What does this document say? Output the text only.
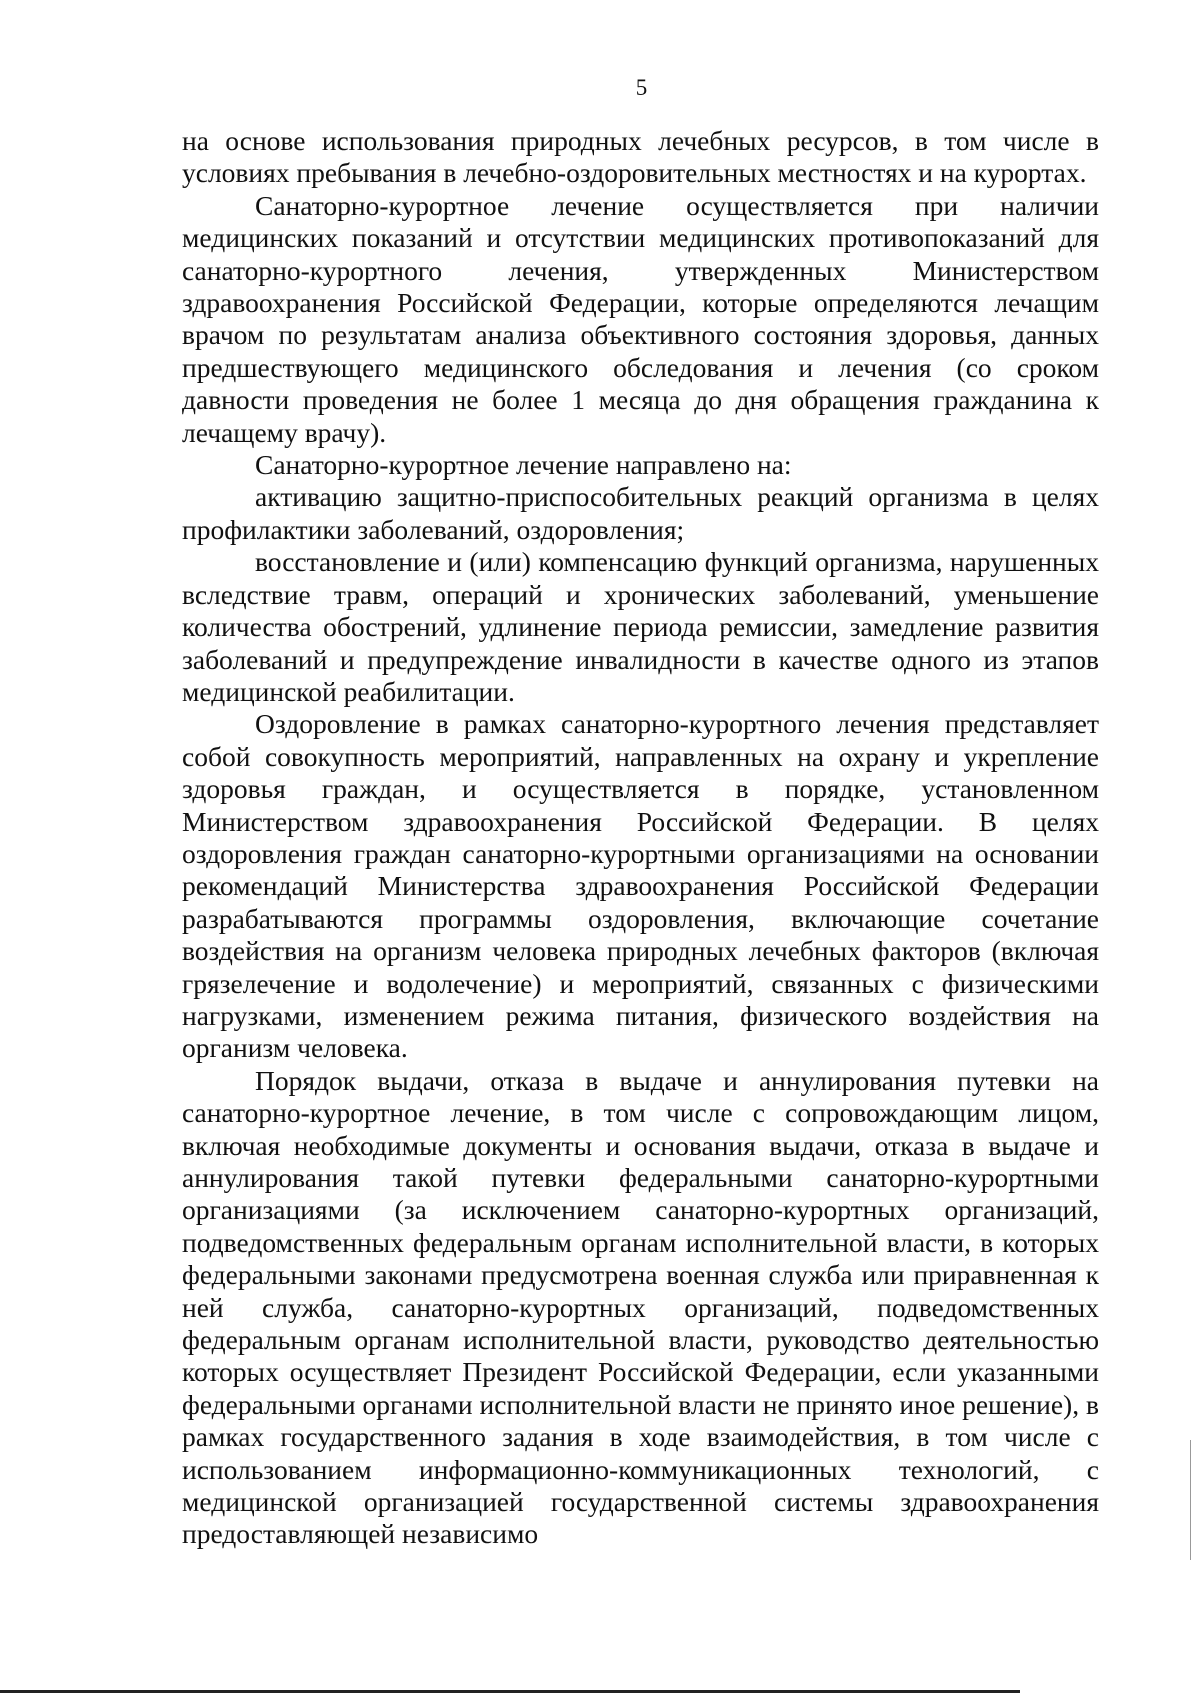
5

на основе использования природных лечебных ресурсов, в том числе в условиях пребывания в лечебно-оздоровительных местностях и на курортах.

Санаторно-курортное лечение осуществляется при наличии медицинских показаний и отсутствии медицинских противопоказаний для санаторно-курортного лечения, утвержденных Министерством здравоохранения Российской Федерации, которые определяются лечащим врачом по результатам анализа объективного состояния здоровья, данных предшествующего медицинского обследования и лечения (со сроком давности проведения не более 1 месяца до дня обращения гражданина к лечащему врачу).

Санаторно-курортное лечение направлено на:

активацию защитно-приспособительных реакций организма в целях профилактики заболеваний, оздоровления;

восстановление и (или) компенсацию функций организма, нарушенных вследствие травм, операций и хронических заболеваний, уменьшение количества обострений, удлинение периода ремиссии, замедление развития заболеваний и предупреждение инвалидности в качестве одного из этапов медицинской реабилитации.

Оздоровление в рамках санаторно-курортного лечения представляет собой совокупность мероприятий, направленных на охрану и укрепление здоровья граждан, и осуществляется в порядке, установленном Министерством здравоохранения Российской Федерации. В целях оздоровления граждан санаторно-курортными организациями на основании рекомендаций Министерства здравоохранения Российской Федерации разрабатываются программы оздоровления, включающие сочетание воздействия на организм человека природных лечебных факторов (включая грязелечение и водолечение) и мероприятий, связанных с физическими нагрузками, изменением режима питания, физического воздействия на организм человека.

Порядок выдачи, отказа в выдаче и аннулирования путевки на санаторно-курортное лечение, в том числе с сопровождающим лицом, включая необходимые документы и основания выдачи, отказа в выдаче и аннулирования такой путевки федеральными санаторно-курортными организациями (за исключением санаторно-курортных организаций, подведомственных федеральным органам исполнительной власти, в которых федеральными законами предусмотрена военная служба или приравненная к ней служба, санаторно-курортных организаций, подведомственных федеральным органам исполнительной власти, руководство деятельностью которых осуществляет Президент Российской Федерации, если указанными федеральными органами исполнительной власти не принято иное решение), в рамках государственного задания в ходе взаимодействия, в том числе с использованием информационно-коммуникационных технологий, с медицинской организацией государственной системы здравоохранения предоставляющей независимо
